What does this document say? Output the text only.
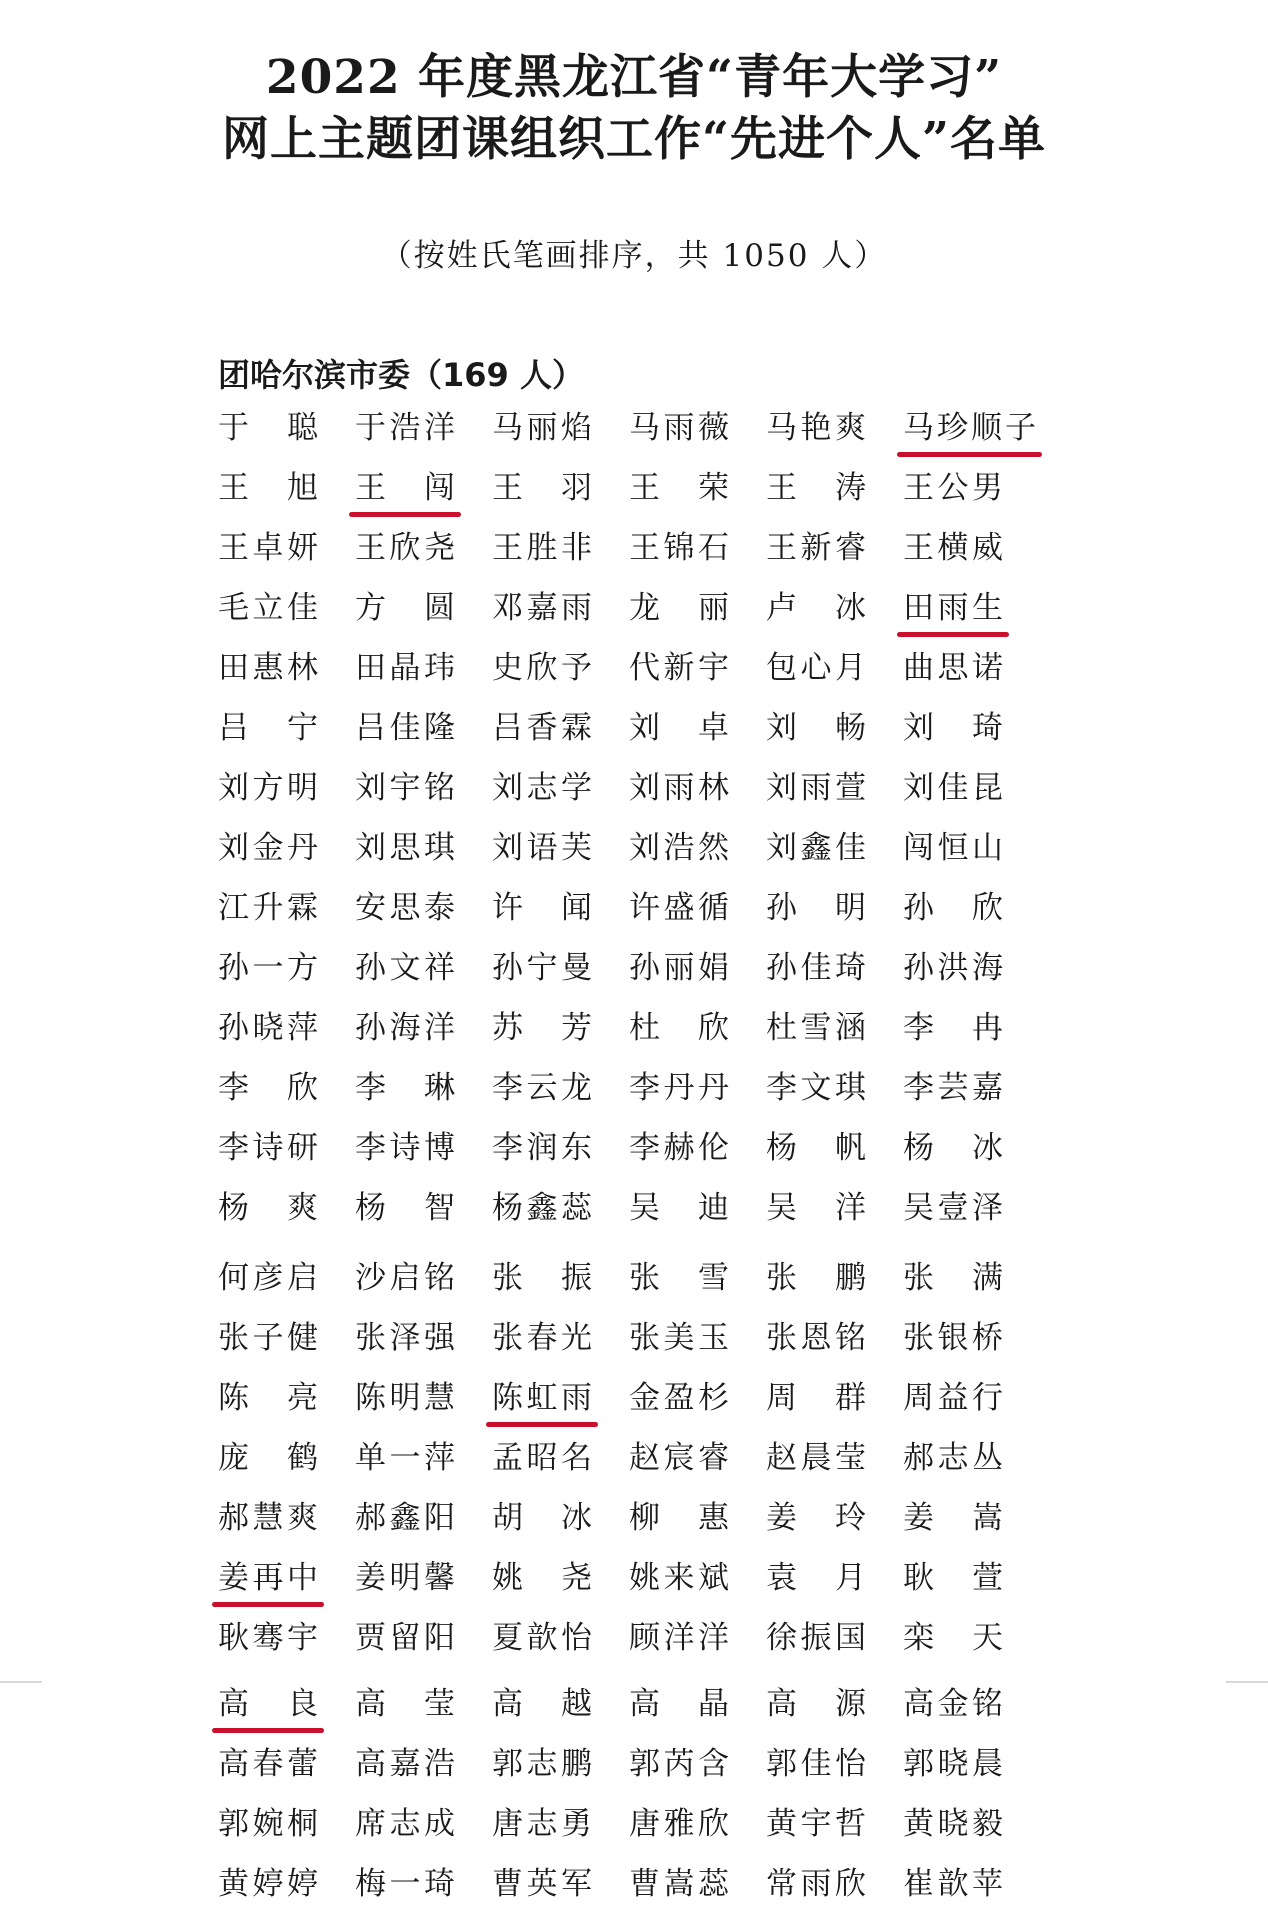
2022 年度黑龙江省“青年大学习”
网上主题团课组织工作“先进个人”名单
（按姓氏笔画排序，共 1050 人）
团哈尔滨市委（169 人）
于 聪 于 浩 洋 马 丽 焰 马 雨 薇 马 艳 爽 马 珍 顺 子
王 旭 王 闯 王 羽 王 荣 王 涛 王 公 男
王 卓 妍 王 欣 尧 王 胜 非 王 锦 石 王 新 睿 王 横 威
毛 立 佳 方 圆 邓 嘉 雨 龙 丽 卢 冰 田 雨 生
田 惠 林 田 晶 玮 史 欣 予 代 新 宇 包 心 月 曲 思 诺
吕 宁 吕 佳 隆 吕 香 霖 刘 卓 刘 畅 刘 琦
刘 方 明 刘 宇 铭 刘 志 学 刘 雨 林 刘 雨 萱 刘 佳 昆
刘 金 丹 刘 思 琪 刘 语 芙 刘 浩 然 刘 鑫 佳 闯 恒 山
江 升 霖 安 思 泰 许 闻 许 盛 循 孙 明 孙 欣
孙 一 方 孙 文 祥 孙 宁 曼 孙 丽 娟 孙 佳 琦 孙 洪 海
孙 晓 萍 孙 海 洋 苏 芳 杜 欣 杜 雪 涵 李 冉
李 欣 李 琳 李 云 龙 李 丹 丹 李 文 琪 李 芸 嘉
李 诗 研 李 诗 博 李 润 东 李 赫 伦 杨 帆 杨 冰
杨 爽 杨 智 杨 鑫 蕊 吴 迪 吴 洋 吴 壹 泽
何 彦 启 沙 启 铭 张 振 张 雪 张 鹏 张 满
张 子 健 张 泽 强 张 春 光 张 美 玉 张 恩 铭 张 银 桥
陈 亮 陈 明 慧 陈 虹 雨 金 盈 杉 周 群 周 益 行
庞 鹤 单 一 萍 孟 昭 名 赵 宸 睿 赵 晨 莹 郝 志 丛
郝 慧 爽 郝 鑫 阳 胡 冰 柳 惠 姜 玲 姜 嵩
姜 再 中 姜 明 馨 姚 尧 姚 来 斌 袁 月 耿 萱
耿 骞 宇 贾 留 阳 夏 歆 怡 顾 洋 洋 徐 振 国 栾 天
高 良 高 莹 高 越 高 晶 高 源 高 金 铭
高 春 蕾 高 嘉 浩 郭 志 鹏 郭 芮 含 郭 佳 怡 郭 晓 晨
郭 婉 桐 席 志 成 唐 志 勇 唐 雅 欣 黄 宇 哲 黄 晓 毅
黄 婷 婷 梅 一 琦 曹 英 军 曹 嵩 蕊 常 雨 欣 崔 歆 苹
